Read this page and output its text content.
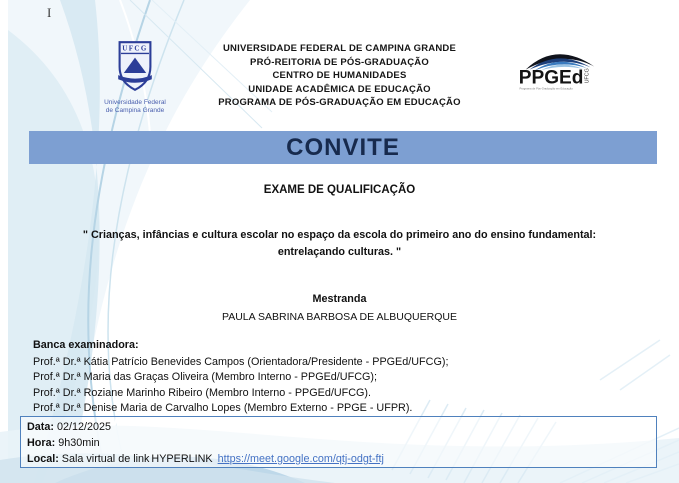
I
UFCG
Universidade Federal
de Campina Grande
PPGEd UFCG
Programa de Pós-Graduação em Educação
UNIVERSIDADE FEDERAL DE CAMPINA GRANDE
PRÓ-REITORIA DE PÓS-GRADUAÇÃO
CENTRO DE HUMANIDADES
UNIDADE ACADÊMICA DE EDUCAÇÃO
PROGRAMA DE PÓS-GRADUAÇÃO EM EDUCAÇÃO
CONVITE
EXAME DE QUALIFICAÇÃO
" Crianças, infâncias e cultura escolar no espaço da escola do primeiro ano do ensino fundamental:
entrelaçando culturas. "
Mestranda
PAULA SABRINA BARBOSA DE ALBUQUERQUE
Banca examinadora:
Prof.ª Dr.ª Kátia Patrício Benevides Campos (Orientadora/Presidente - PPGEd/UFCG);
Prof.ª Dr.ª Maria das Graças Oliveira (Membro Interno - PPGEd/UFCG);
Prof.ª Dr.ª Roziane Marinho Ribeiro (Membro Interno - PPGEd/UFCG).
Prof.ª Dr.ª Denise Maria de Carvalho Lopes (Membro Externo - PPGE - UFPR).
Data: 02/12/2025
Hora: 9h30min
Local: Sala virtual de link HYPERLINK https://meet.google.com/qtj-odgt-ftj
